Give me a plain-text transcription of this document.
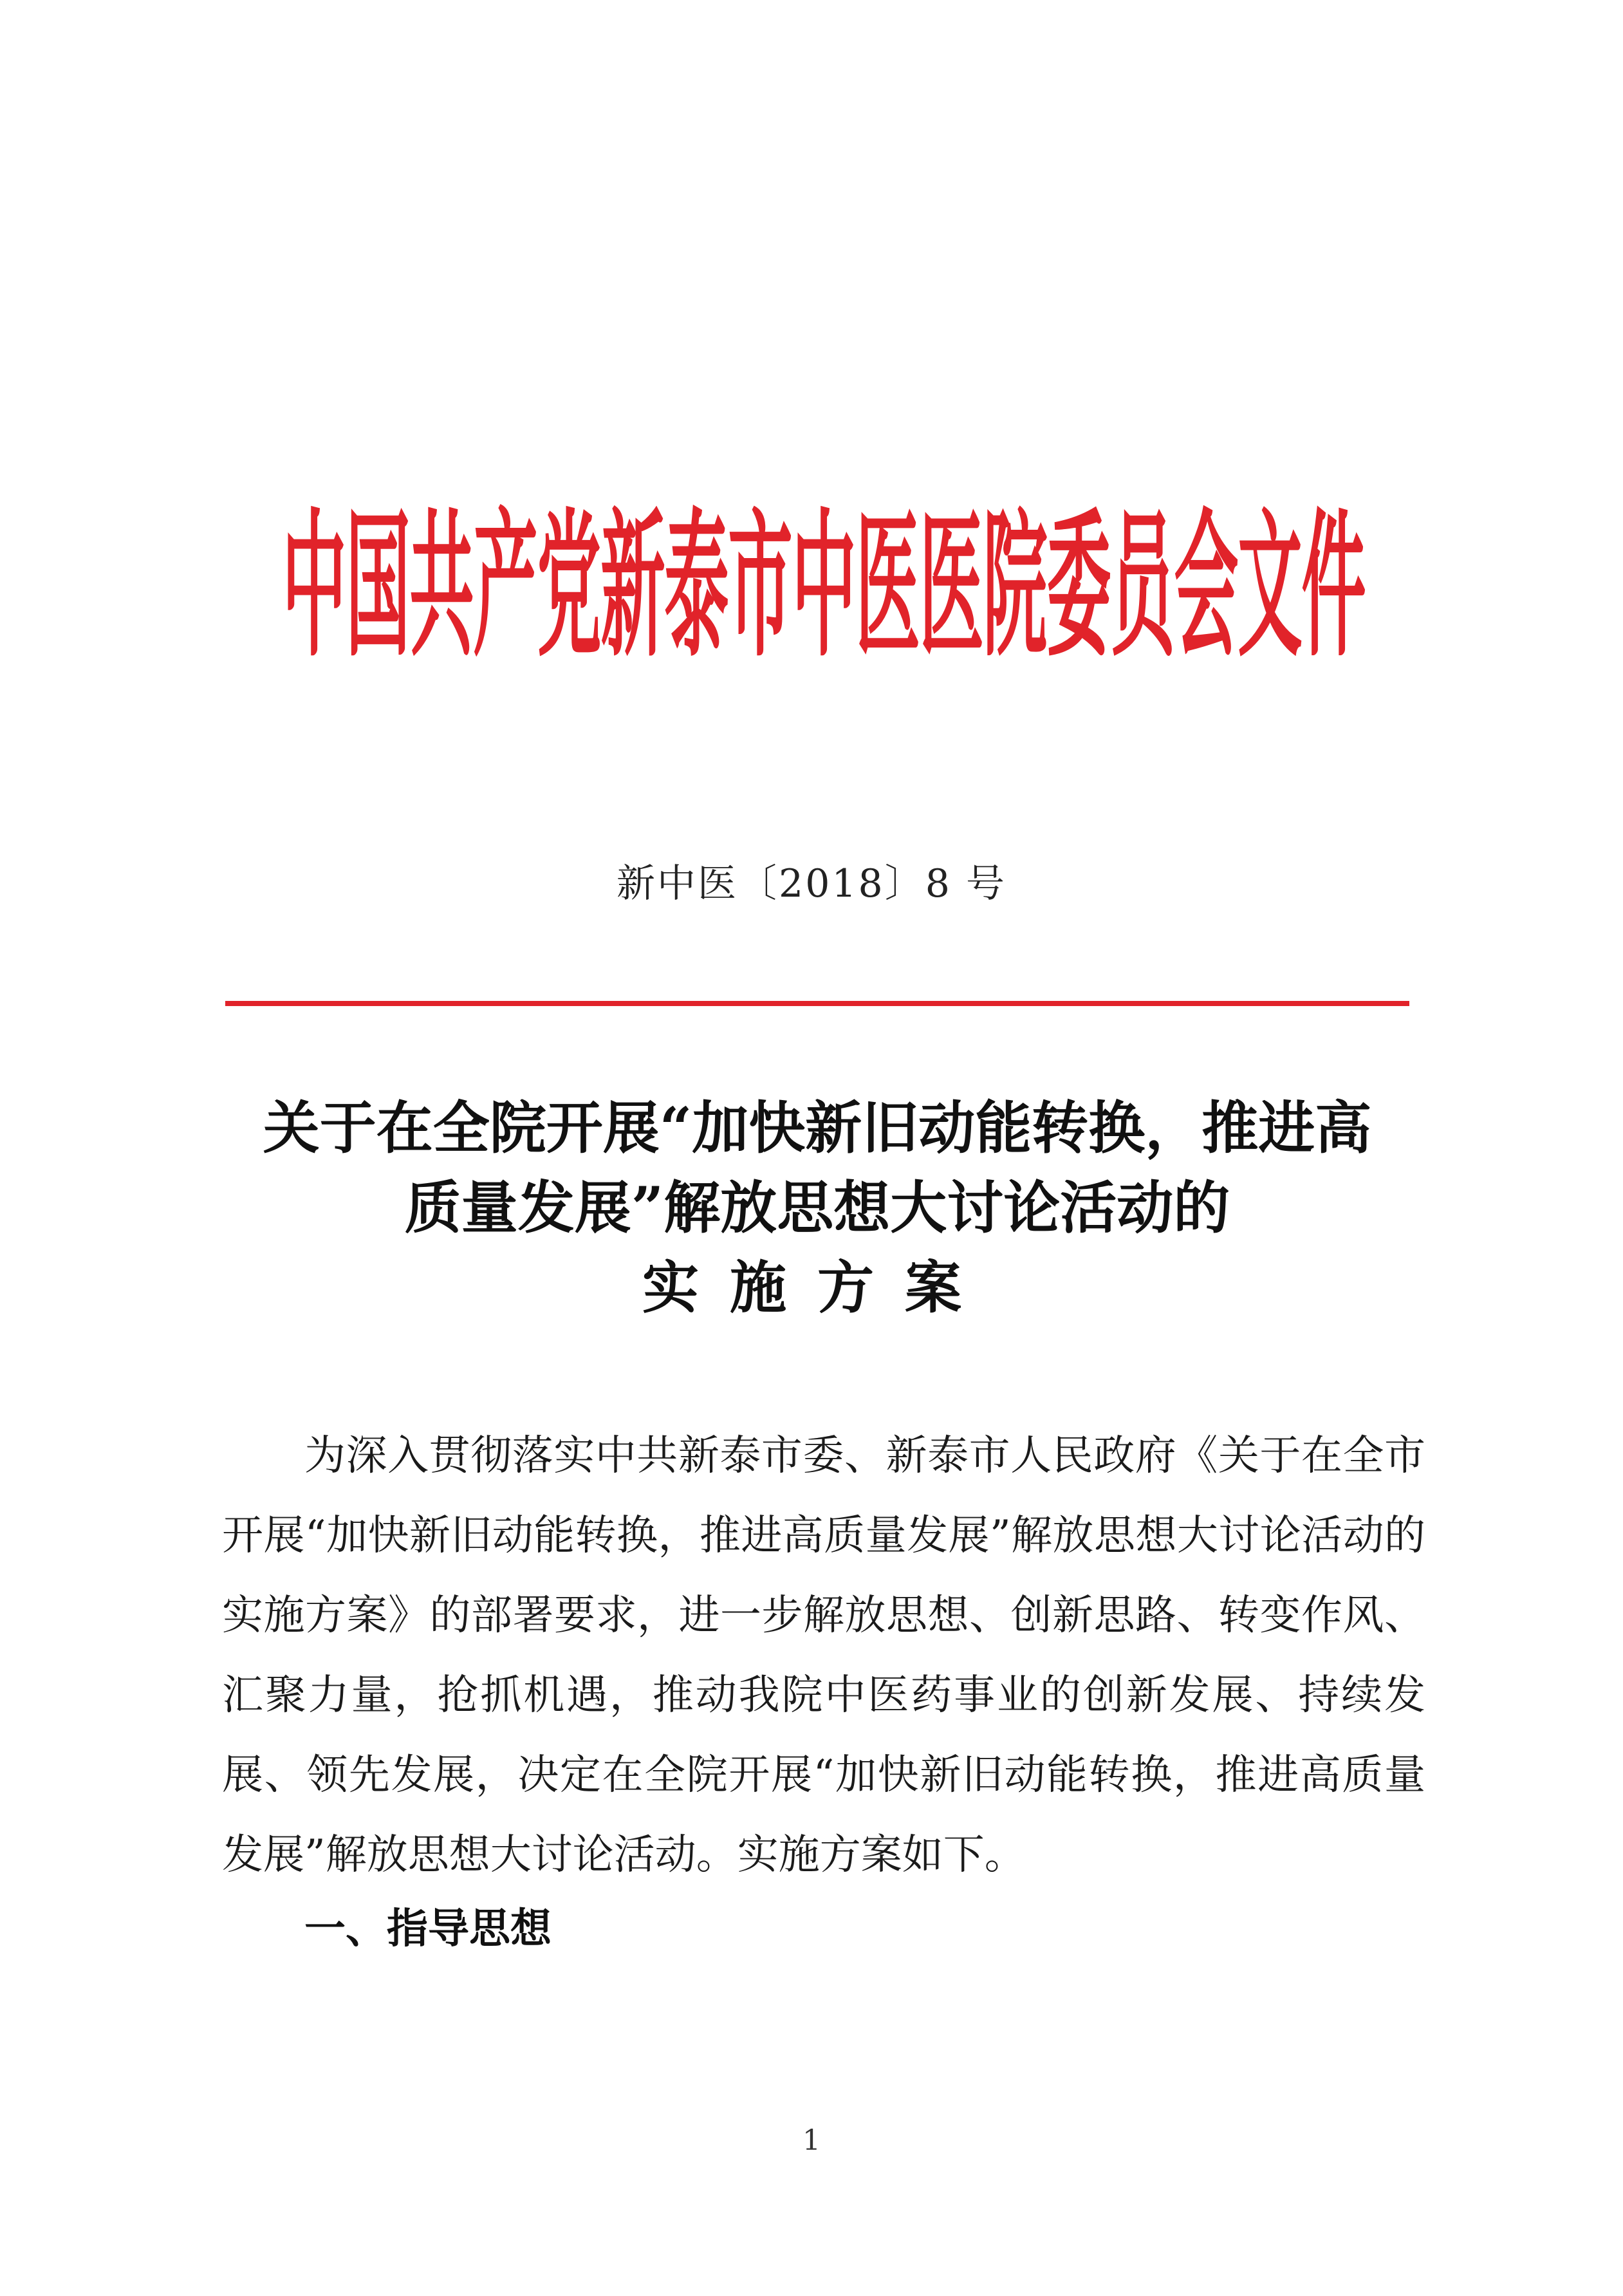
中国共产党新泰市中医医院委员会文件
新中医〔2018〕8 号
关于在全院开展“加快新旧动能转换，推进高
质量发展”解放思想大讨论活动的
实施方案

为深入贯彻落实中共新泰市委、新泰市人民政府《关于在全市开展“加快新旧动能转换，推进高质量发展”解放思想大讨论活动的实施方案》的部署要求，进一步解放思想、创新思路、转变作风、汇聚力量，抢抓机遇，推动我院中医药事业的创新发展、持续发展、领先发展，决定在全院开展“加快新旧动能转换，推进高质量发展”解放思想大讨论活动。实施方案如下。

一、指导思想
1
